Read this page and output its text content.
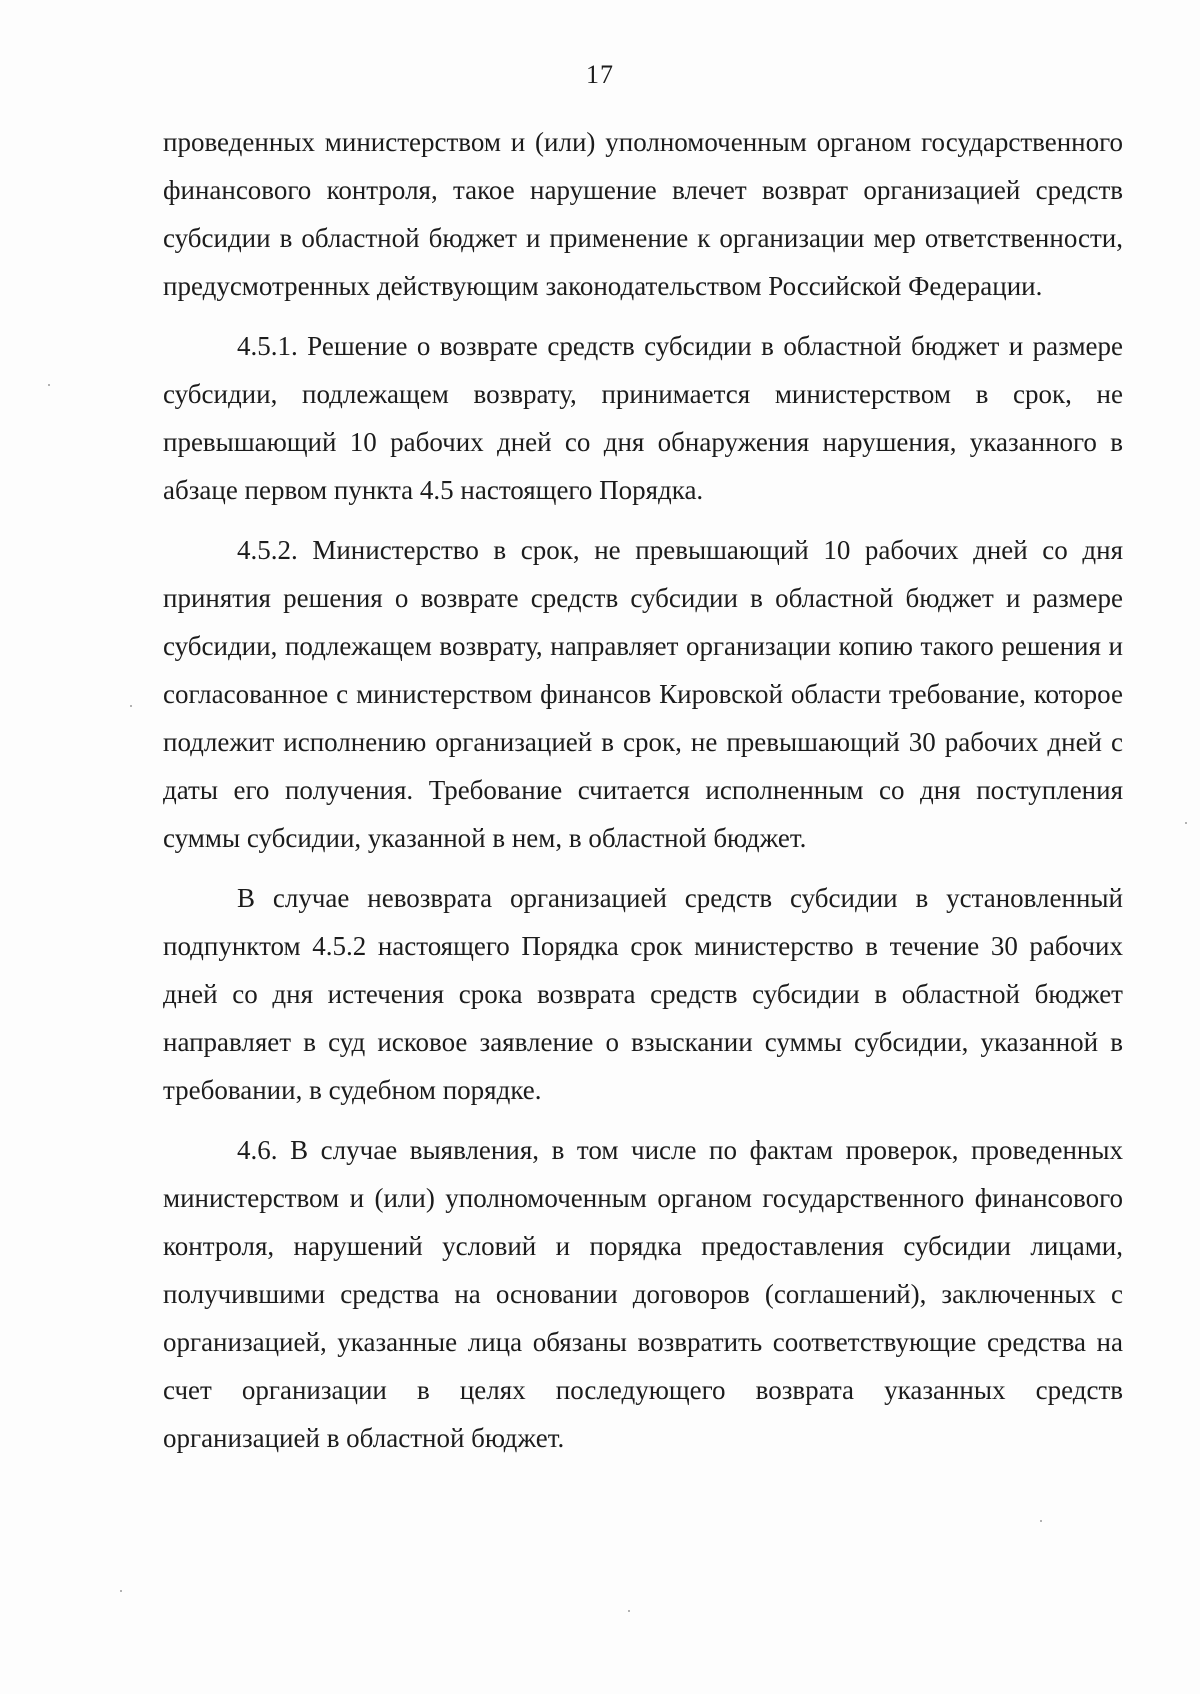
17

проведенных министерством и (или) уполномоченным органом государственного финансового контроля, такое нарушение влечет возврат организацией средств субсидии в областной бюджет и применение к организации мер ответственности, предусмотренных действующим законодательством Российской Федерации.

4.5.1. Решение о возврате средств субсидии в областной бюджет и размере субсидии, подлежащем возврату, принимается министерством в срок, не превышающий 10 рабочих дней со дня обнаружения нарушения, указанного в абзаце первом пункта 4.5 настоящего Порядка.

4.5.2. Министерство в срок, не превышающий 10 рабочих дней со дня принятия решения о возврате средств субсидии в областной бюджет и размере субсидии, подлежащем возврату, направляет организации копию такого решения и согласованное с министерством финансов Кировской области требование, которое подлежит исполнению организацией в срок, не превышающий 30 рабочих дней с даты его получения. Требование считается исполненным со дня поступления суммы субсидии, указанной в нем, в областной бюджет.

В случае невозврата организацией средств субсидии в установленный подпунктом 4.5.2 настоящего Порядка срок министерство в течение 30 рабочих дней со дня истечения срока возврата средств субсидии в областной бюджет направляет в суд исковое заявление о взыскании суммы субсидии, указанной в требовании, в судебном порядке.

4.6. В случае выявления, в том числе по фактам проверок, проведенных министерством и (или) уполномоченным органом государственного финансового контроля, нарушений условий и порядка предоставления субсидии лицами, получившими средства на основании договоров (соглашений), заключенных с организацией, указанные лица обязаны возвратить соответствующие средства на счет организации в целях последующего возврата указанных средств организацией в областной бюджет.
